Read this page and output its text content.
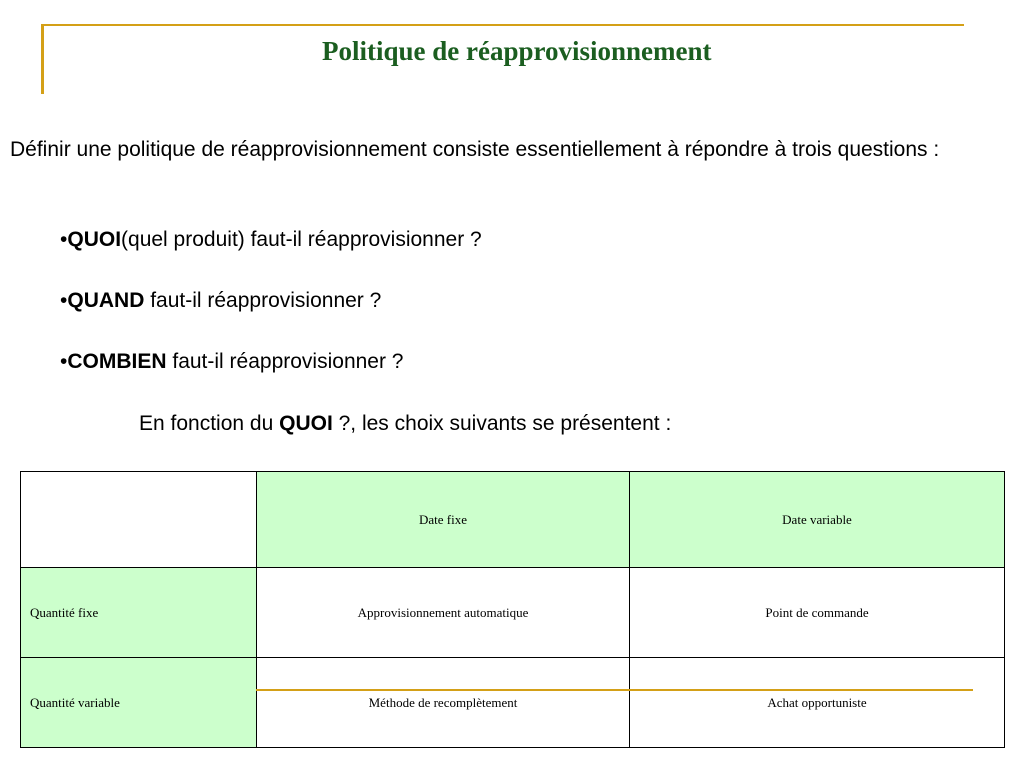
Politique de réapprovisionnement
Définir une politique de réapprovisionnement consiste essentiellement à répondre à trois questions :
•QUOI(quel produit) faut-il réapprovisionner ?
•QUAND faut-il réapprovisionner ?
•COMBIEN faut-il réapprovisionner ?
En fonction du QUOI ?, les choix suivants se présentent :
	Date fixe	Date variable
Quantité fixe	Approvisionnement automatique	Point de commande
Quantité variable	Méthode de recomplètement	Achat opportuniste
